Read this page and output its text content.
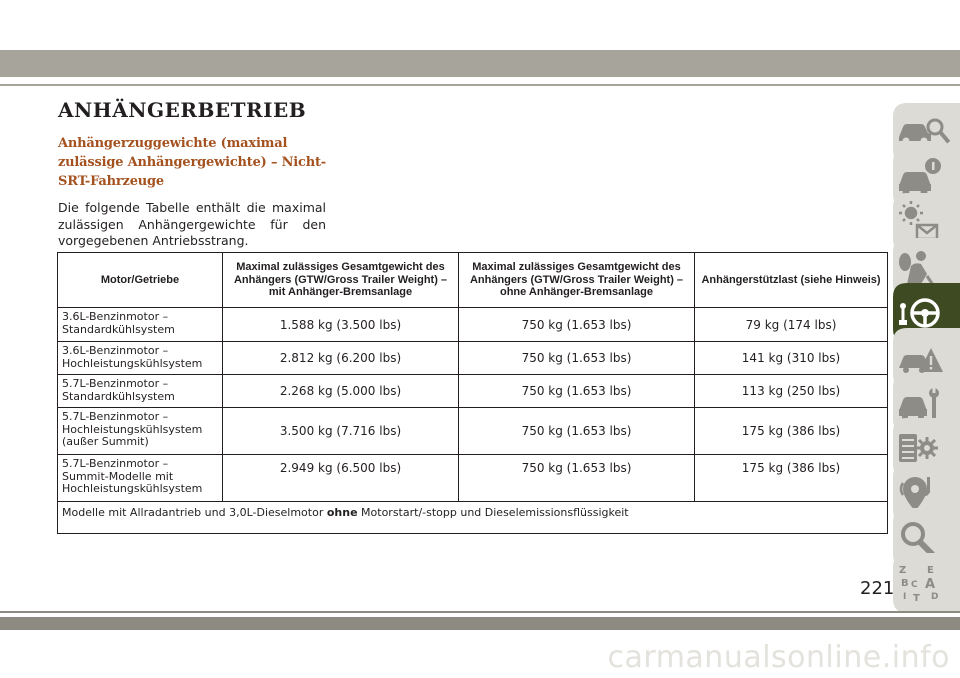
ANHÄNGERBETRIEB

Anhängerzuggewichte (maximal zulässige Anhängergewichte) – Nicht-SRT-Fahrzeuge

Die folgende Tabelle enthält die maximal zulässigen Anhängergewichte für den vorgegebenen Antriebsstrang.

Motor/Getriebe	Maximal zulässiges Gesamtgewicht des Anhängers (GTW/Gross Trailer Weight) – mit Anhänger-Bremsanlage	Maximal zulässiges Gesamtgewicht des Anhängers (GTW/Gross Trailer Weight) – ohne Anhänger-Bremsanlage	Anhängerstützlast (siehe Hinweis)
3.6L-Benzinmotor – Standardkühlsystem	1.588 kg (3.500 lbs)	750 kg (1.653 lbs)	79 kg (174 lbs)
3.6L-Benzinmotor – Hochleistungskühlsystem	2.812 kg (6.200 lbs)	750 kg (1.653 lbs)	141 kg (310 lbs)
5.7L-Benzinmotor – Standardkühlsystem	2.268 kg (5.000 lbs)	750 kg (1.653 lbs)	113 kg (250 lbs)
5.7L-Benzinmotor – Hochleistungskühlsystem (außer Summit)	3.500 kg (7.716 lbs)	750 kg (1.653 lbs)	175 kg (386 lbs)
5.7L-Benzinmotor – Summit-Modelle mit Hochleistungskühlsystem	2.949 kg (6.500 lbs)	750 kg (1.653 lbs)	175 kg (386 lbs)
Modelle mit Allradantrieb und 3,0L-Dieselmotor ohne Motorstart/-stopp und Dieselemissionsflüssigkeit			
Z E
B A
C
D
I T
221
carmanualsonline.info
